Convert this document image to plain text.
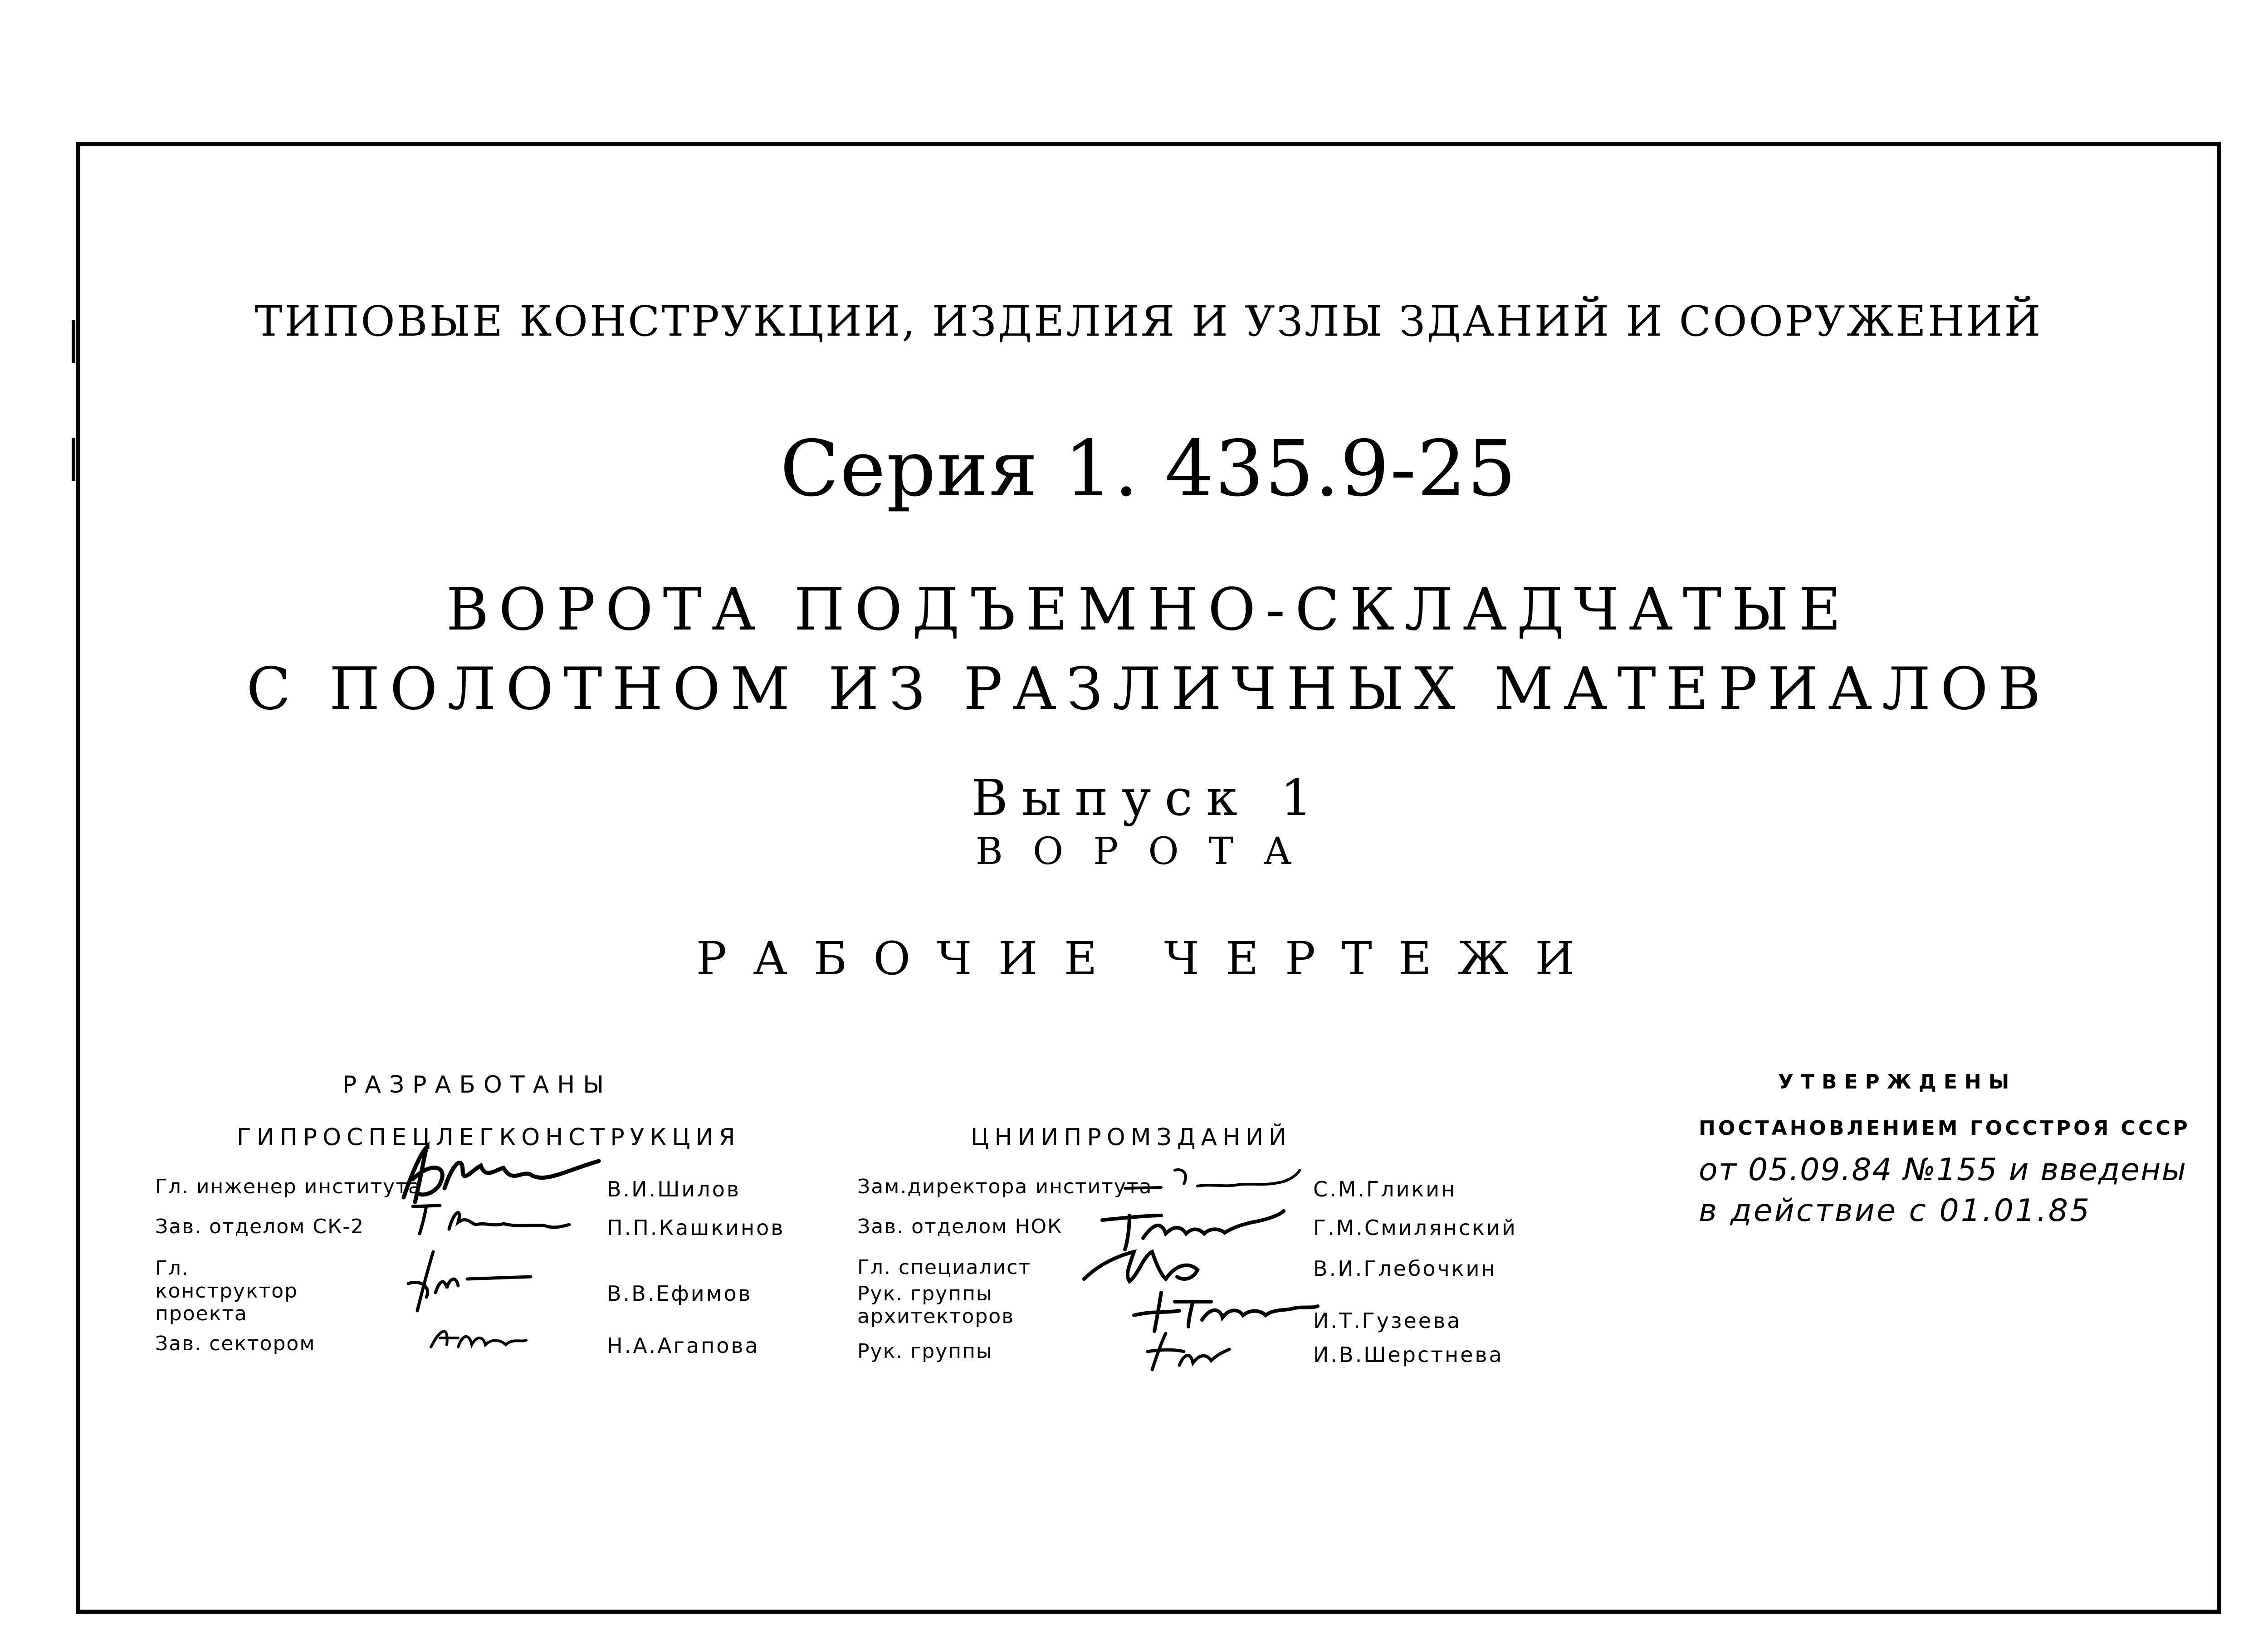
ТИПОВЫЕ КОНСТРУКЦИИ, ИЗДЕЛИЯ И УЗЛЫ ЗДАНИЙ И СООРУЖЕНИЙ
Серия 1. 435.9-25
ВОРОТА ПОДЪЕМНО-СКЛАДЧАТЫЕ
С ПОЛОТНОМ ИЗ РАЗЛИЧНЫХ МАТЕРИАЛОВ
Выпуск 1
ВОРОТА
РАБОЧИЕ ЧЕРТЕЖИ
РАЗРАБОТАНЫ
ГИПРОСПЕЦЛЕГКОНСТРУКЦИЯ
Гл. инженер института
Зав. отделом СК-2
Гл. конструктор проекта
Зав. сектором
В.И.Шилов
П.П.Кашкинов
В.В.Ефимов
Н.А.Агапова
ЦНИИПРОМЗДАНИЙ
Зам.директора института
Зав. отделом НОК
Гл. специалист
Рук. группы архитекторов
Рук. группы
С.М.Гликин
Г.М.Смилянский
В.И.Глебочкин
И.Т.Гузеева
И.В.Шерстнева
УТВЕРЖДЕНЫ
ПОСТАНОВЛЕНИЕМ ГОССТРОЯ СССР
от 05.09.84 №155 и введены
в действие с 01.01.85
